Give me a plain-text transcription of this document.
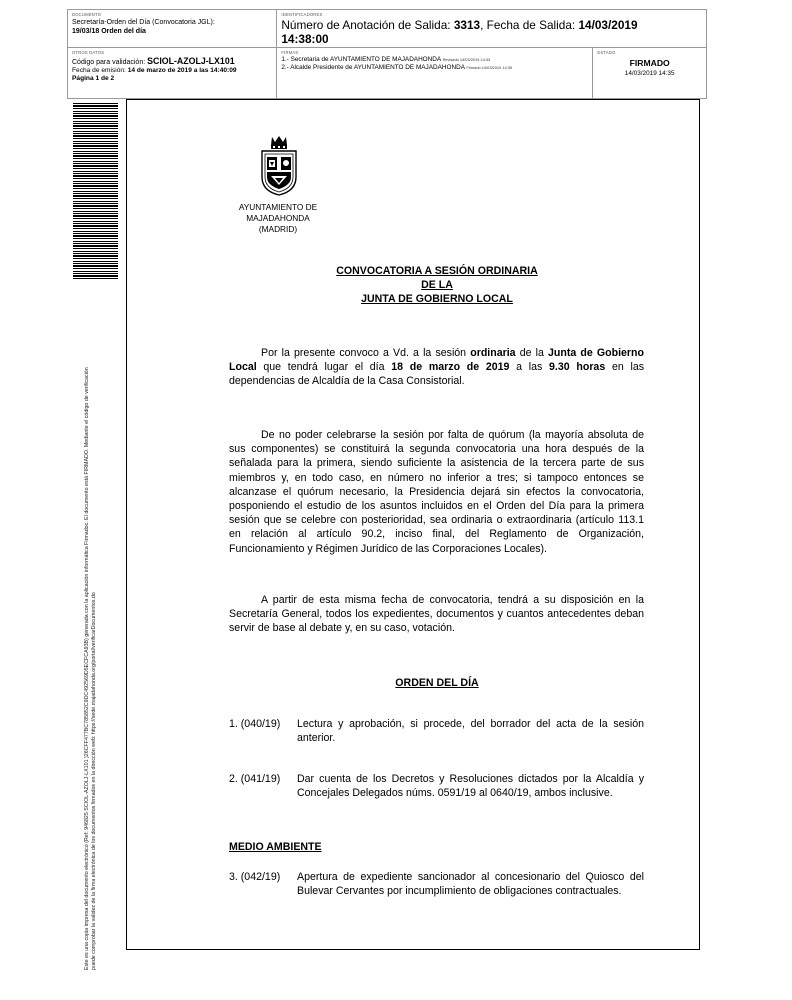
DOCUMENTO
Secretaría-Orden del Día (Convocatoria JGL):
19/03/18 Orden del día
IDENTIFICADORES
Número de Anotación de Salida: 3313, Fecha de Salida: 14/03/2019
14:38:00
OTROS DATOS
Código para validación: SCIOL-AZOLJ-LX101
Fecha de emisión: 14 de marzo de 2019 a las 14:40:09
Página 1 de 2
FIRMAS
1.- Secretaria de AYUNTAMIENTO DE MAJADAHONDA Revisado 14/03/2019 14:33
2.- Alcalde Presidente de AYUNTAMIENTO DE MAJADAHONDA Firmado 14/03/2019 14:35
ESTADO
FIRMADO
14/03/2019 14:35
Este es una copia impresa del documento electrónico (Ref: 946825 SCIOL-AZOLJ-LX101 )26CFF477BC785852C9DC492569D5ECFCA93B) generada con la aplicación informática Firmadoc. El documento está FIRMADO. Mediante el código de verificación puede comprobar la validez de la firma electrónica de los documentos firmados en la dirección web: https://sede.majadahonda.org/portal/verificarDocumentos.do
AYUNTAMIENTO DE
MAJADAHONDA
(MADRID)
CONVOCATORIA A SESIÓN ORDINARIA
DE LA
JUNTA DE GOBIERNO LOCAL
Por la presente convoco a Vd. a la sesión ordinaria de la Junta de Gobierno Local que tendrá lugar el día 18 de marzo de 2019 a las 9.30 horas en las dependencias de Alcaldía de la Casa Consistorial.
De no poder celebrarse la sesión por falta de quórum (la mayoría absoluta de sus componentes) se constituirá la segunda convocatoria una hora después de la señalada para la primera, siendo suficiente la asistencia de la tercera parte de sus miembros y, en todo caso, en número no inferior a tres; si tampoco entonces se alcanzase el quórum necesario, la Presidencia dejará sin efectos la convocatoria, posponiendo el estudio de los asuntos incluidos en el Orden del Día para la primera sesión que se celebre con posterioridad, sea ordinaria o extraordinaria (artículo 113.1 en relación al artículo 90.2, inciso final, del Reglamento de Organización, Funcionamiento y Régimen Jurídico de las Corporaciones Locales).
A partir de esta misma fecha de convocatoria, tendrá a su disposición en la Secretaría General, todos los expedientes, documentos y cuantos antecedentes deban servir de base al debate y, en su caso, votación.
ORDEN DEL DÍA
1. (040/19) Lectura y aprobación, si procede, del borrador del acta de la sesión anterior.
2. (041/19) Dar cuenta de los Decretos y Resoluciones dictados por la Alcaldía y Concejales Delegados núms. 0591/19 al 0640/19, ambos inclusive.
MEDIO AMBIENTE
3. (042/19) Apertura de expediente sancionador al concesionario del Quiosco del Bulevar Cervantes por incumplimiento de obligaciones contractuales.
